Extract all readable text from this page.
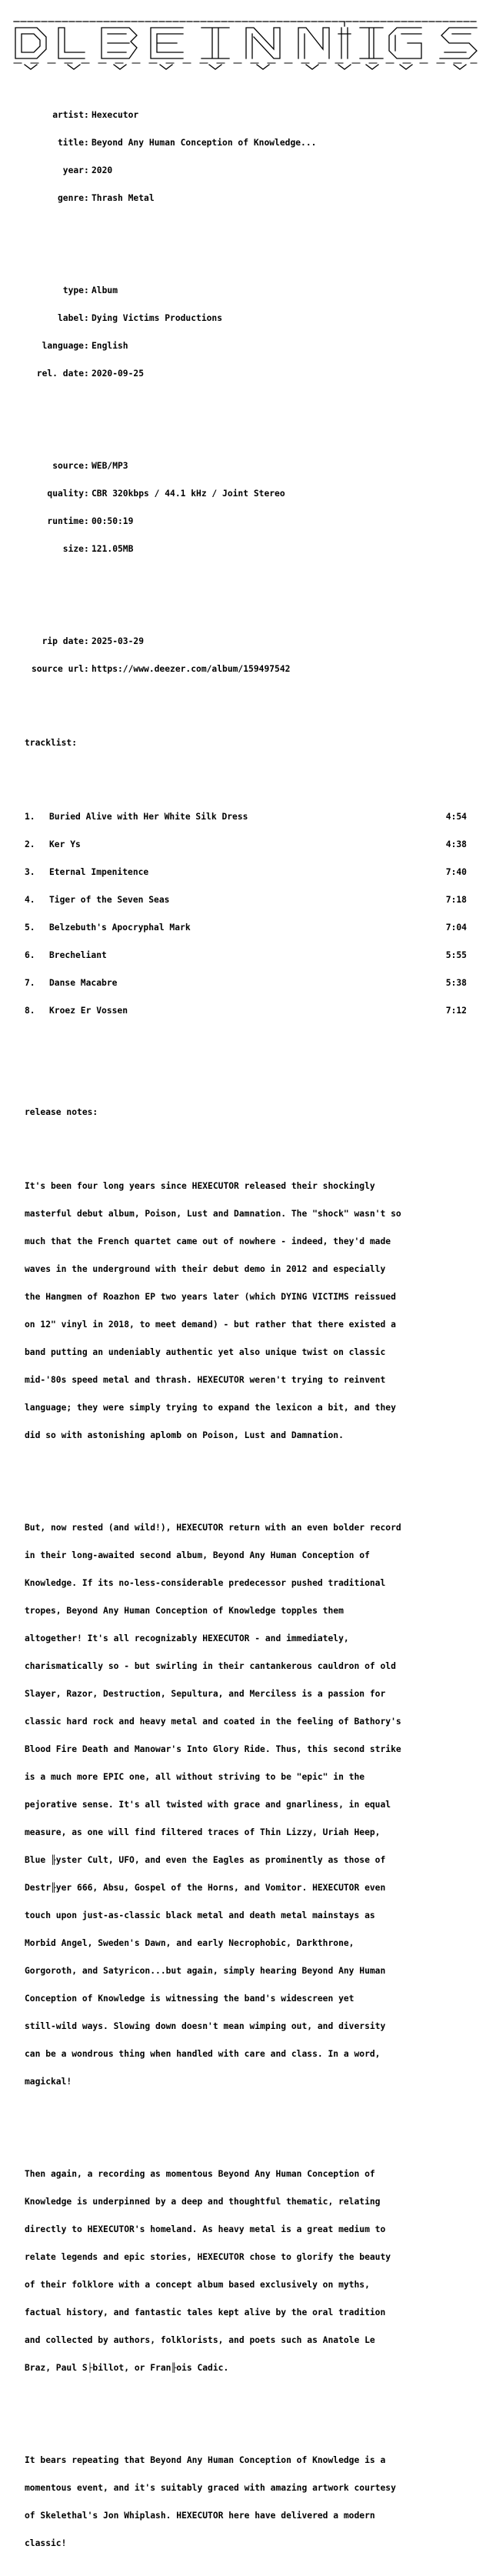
artist: Hexecutor

title: Beyond Any Human Conception of Knowledge...

year: 2020

genre: Thrash Metal

type: Album

label: Dying Victims Productions

language: English

rel. date: 2020-09-25

source: WEB/MP3

quality: CBR 320kbps / 44.1 kHz / Joint Stereo

runtime: 00:50:19

size: 121.05MB

rip date: 2025-03-29

source url: https://www.deezer.com/album/159497542

tracklist:

1. Buried Alive with Her White Silk Dress	4:54

2. Ker Ys	4:38

3. Eternal Impenitence	7:40

4. Tiger of the Seven Seas	7:18

5. Belzebuth's Apocryphal Mark	7:04

6. Brecheliant	5:55

7. Danse Macabre	5:38

8. Kroez Er Vossen	7:12

release notes:

It's been four long years since HEXECUTOR released their shockingly

masterful debut album, Poison, Lust and Damnation. The "shock" wasn't so

much that the French quartet came out of nowhere - indeed, they'd made

waves in the underground with their debut demo in 2012 and especially

the Hangmen of Roazhon EP two years later (which DYING VICTIMS reissued

on 12" vinyl in 2018, to meet demand) - but rather that there existed a

band putting an undeniably authentic yet also unique twist on classic

mid-'80s speed metal and thrash. HEXECUTOR weren't trying to reinvent

language; they were simply trying to expand the lexicon a bit, and they

did so with astonishing aplomb on Poison, Lust and Damnation.

But, now rested (and wild!), HEXECUTOR return with an even bolder record

in their long-awaited second album, Beyond Any Human Conception of

Knowledge. If its no-less-considerable predecessor pushed traditional

tropes, Beyond Any Human Conception of Knowledge topples them

altogether! It's all recognizably HEXECUTOR - and immediately,

charismatically so - but swirling in their cantankerous cauldron of old

Slayer, Razor, Destruction, Sepultura, and Merciless is a passion for

classic hard rock and heavy metal and coated in the feeling of Bathory's

Blood Fire Death and Manowar's Into Glory Ride. Thus, this second strike

is a much more EPIC one, all without striving to be "epic" in the

pejorative sense. It's all twisted with grace and gnarliness, in equal

measure, as one will find filtered traces of Thin Lizzy, Uriah Heep,

Blue ╟yster Cult, UFO, and even the Eagles as prominently as those of

Destr╟yer 666, Absu, Gospel of the Horns, and Vomitor. HEXECUTOR even

touch upon just-as-classic black metal and death metal mainstays as

Morbid Angel, Sweden's Dawn, and early Necrophobic, Darkthrone,

Gorgoroth, and Satyricon...but again, simply hearing Beyond Any Human

Conception of Knowledge is witnessing the band's widescreen yet

still-wild ways. Slowing down doesn't mean wimping out, and diversity

can be a wondrous thing when handled with care and class. In a word,

magickal!

Then again, a recording as momentous Beyond Any Human Conception of

Knowledge is underpinned by a deep and thoughtful thematic, relating

directly to HEXECUTOR's homeland. As heavy metal is a great medium to

relate legends and epic stories, HEXECUTOR chose to glorify the beauty

of their folklore with a concept album based exclusively on myths,

factual history, and fantastic tales kept alive by the oral tradition

and collected by authors, folklorists, and poets such as Anatole Le

Braz, Paul S├billot, or Fran╟ois Cadic.

It bears repeating that Beyond Any Human Conception of Knowledge is a

momentous event, and it's suitably graced with amazing artwork courtesy

of Skelethal's Jon Whiplash. HEXECUTOR here have delivered a modern

classic!
